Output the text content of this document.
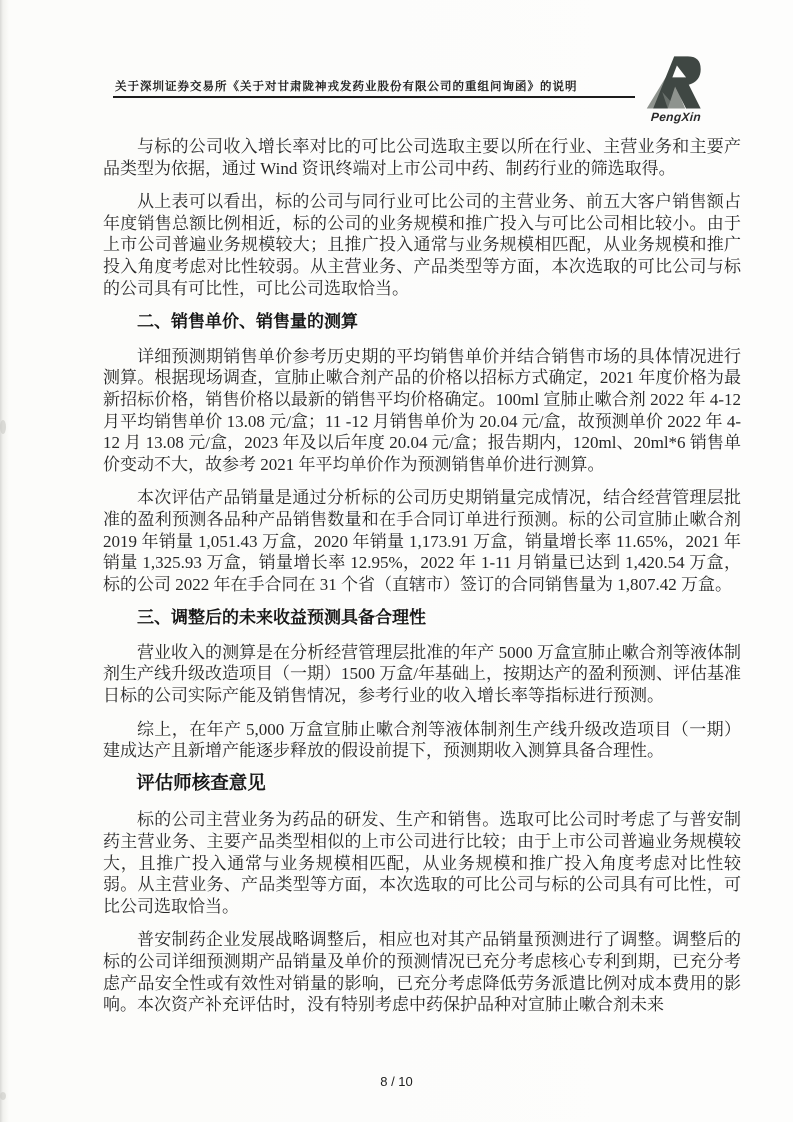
关于深圳证券交易所《关于对甘肃陇神戎发药业股份有限公司的重组问询函》的说明
PengXin

与标的公司收入增长率对比的可比公司选取主要以所在行业、主营业务和主要产品类型为依据，通过 Wind 资讯终端对上市公司中药、制药行业的筛选取得。

从上表可以看出，标的公司与同行业可比公司的主营业务、前五大客户销售额占年度销售总额比例相近，标的公司的业务规模和推广投入与可比公司相比较小。由于上市公司普遍业务规模较大；且推广投入通常与业务规模相匹配，从业务规模和推广投入角度考虑对比性较弱。从主营业务、产品类型等方面，本次选取的可比公司与标的公司具有可比性，可比公司选取恰当。

二、销售单价、销售量的测算

详细预测期销售单价参考历史期的平均销售单价并结合销售市场的具体情况进行测算。根据现场调查，宣肺止嗽合剂产品的价格以招标方式确定，2021 年度价格为最新招标价格，销售价格以最新的销售平均价格确定。100ml 宣肺止嗽合剂 2022 年 4-12 月平均销售单价 13.08 元/盒；11 -12 月销售单价为 20.04 元/盒，故预测单价 2022 年 4-12 月 13.08 元/盒，2023 年及以后年度 20.04 元/盒；报告期内，120ml、20ml*6 销售单价变动不大，故参考 2021 年平均单价作为预测销售单价进行测算。

本次评估产品销量是通过分析标的公司历史期销量完成情况，结合经营管理层批准的盈利预测各品种产品销售数量和在手合同订单进行预测。标的公司宣肺止嗽合剂 2019 年销量 1,051.43 万盒，2020 年销量 1,173.91 万盒，销量增长率 11.65%，2021 年销量 1,325.93 万盒，销量增长率 12.95%，2022 年 1-11 月销量已达到 1,420.54 万盒，标的公司 2022 年在手合同在 31 个省（直辖市）签订的合同销售量为 1,807.42 万盒。

三、调整后的未来收益预测具备合理性

营业收入的测算是在分析经营管理层批准的年产 5000 万盒宣肺止嗽合剂等液体制剂生产线升级改造项目（一期）1500 万盒/年基础上，按期达产的盈利预测、评估基准日标的公司实际产能及销售情况，参考行业的收入增长率等指标进行预测。

综上，在年产 5,000 万盒宣肺止嗽合剂等液体制剂生产线升级改造项目（一期）建成达产且新增产能逐步释放的假设前提下，预测期收入测算具备合理性。

评估师核查意见

标的公司主营业务为药品的研发、生产和销售。选取可比公司时考虑了与普安制药主营业务、主要产品类型相似的上市公司进行比较；由于上市公司普遍业务规模较大，且推广投入通常与业务规模相匹配，从业务规模和推广投入角度考虑对比性较弱。从主营业务、产品类型等方面，本次选取的可比公司与标的公司具有可比性，可比公司选取恰当。

普安制药企业发展战略调整后，相应也对其产品销量预测进行了调整。调整后的标的公司详细预测期产品销量及单价的预测情况已充分考虑核心专利到期，已充分考虑产品安全性或有效性对销量的影响，已充分考虑降低劳务派遣比例对成本费用的影响。本次资产补充评估时，没有特别考虑中药保护品种对宣肺止嗽合剂未来

8 / 10
